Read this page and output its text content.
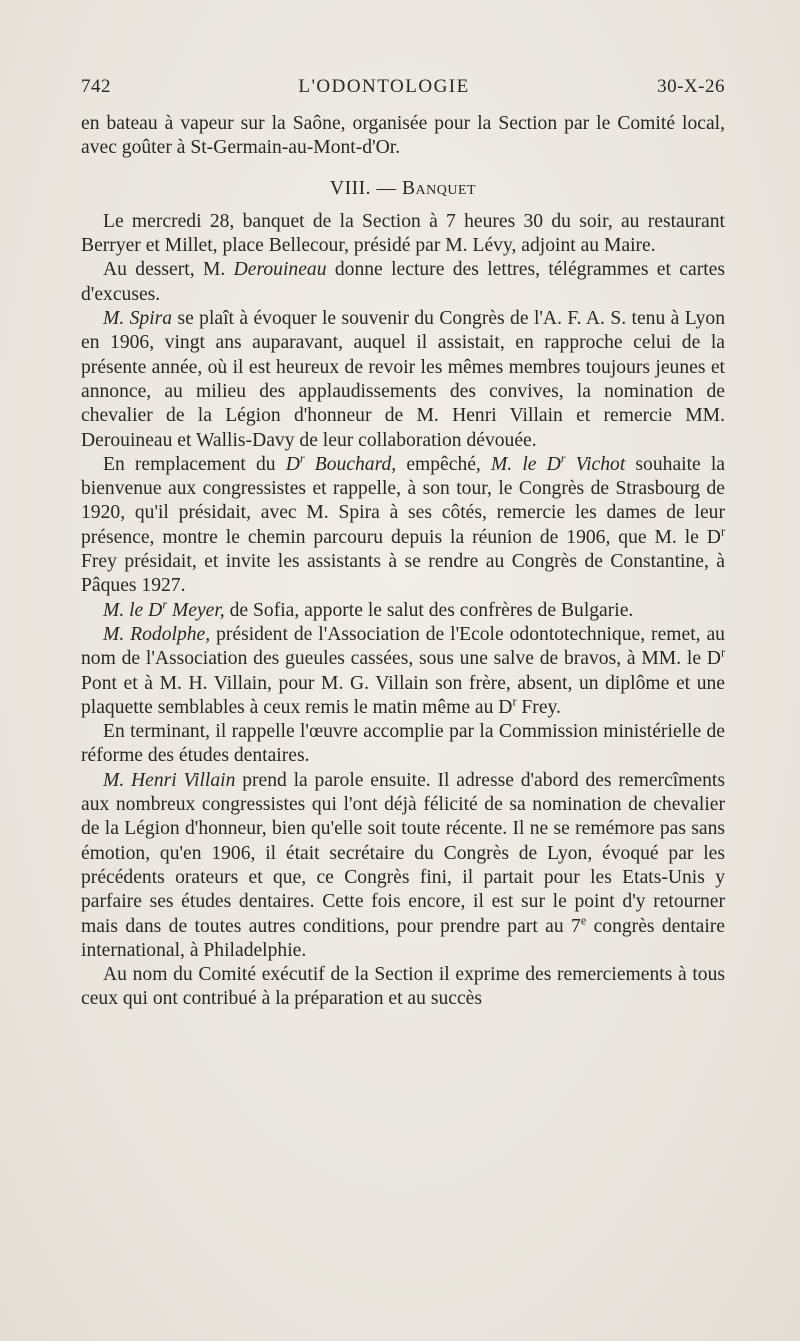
742	L'ODONTOLOGIE	30-X-26

en bateau à vapeur sur la Saône, organisée pour la Section par le Comité local, avec goûter à St-Germain-au-Mont-d'Or.

VIII. — Banquet

Le mercredi 28, banquet de la Section à 7 heures 30 du soir, au restaurant Berryer et Millet, place Bellecour, présidé par M. Lévy, adjoint au Maire.

Au dessert, M. Derouineau donne lecture des lettres, télégrammes et cartes d'excuses.

M. Spira se plaît à évoquer le souvenir du Congrès de l'A. F. A. S. tenu à Lyon en 1906, vingt ans auparavant, auquel il assistait, en rapproche celui de la présente année, où il est heureux de revoir les mêmes membres toujours jeunes et annonce, au milieu des applaudissements des convives, la nomination de chevalier de la Légion d'honneur de M. Henri Villain et remercie MM. Derouineau et Wallis-Davy de leur collaboration dévouée.

En remplacement du $D^r$ Bouchard, empêché, M. le $D^r$ Vichot souhaite la bienvenue aux congressistes et rappelle, à son tour, le Congrès de Strasbourg de 1920, qu'il présidait, avec M. Spira à ses côtés, remercie les dames de leur présence, montre le chemin parcouru depuis la réunion de 1906, que M. le $D^r$ Frey présidait, et invite les assistants à se rendre au Congrès de Constantine, à Pâques 1927.

M. le $D^r$ Meyer, de Sofia, apporte le salut des confrères de Bulgarie.

M. Rodolphe, président de l'Association de l'Ecole odontotechnique, remet, au nom de l'Association des gueules cassées, sous une salve de bravos, à MM. le $D^r$ Pont et à M. H. Villain, pour M. G. Villain son frère, absent, un diplôme et une plaquette semblables à ceux remis le matin même au $D^r$ Frey.

En terminant, il rappelle l'œuvre accomplie par la Commission ministérielle de réforme des études dentaires.

M. Henri Villain prend la parole ensuite. Il adresse d'abord des remercîments aux nombreux congressistes qui l'ont déjà félicité de sa nomination de chevalier de la Légion d'honneur, bien qu'elle soit toute récente. Il ne se remémore pas sans émotion, qu'en 1906, il était secrétaire du Congrès de Lyon, évoqué par les précédents orateurs et que, ce Congrès fini, il partait pour les Etats-Unis y parfaire ses études dentaires. Cette fois encore, il est sur le point d'y retourner mais dans de toutes autres conditions, pour prendre part au 7e congrès dentaire international, à Philadelphie.

Au nom du Comité exécutif de la Section il exprime des remerciements à tous ceux qui ont contribué à la préparation et au succès
